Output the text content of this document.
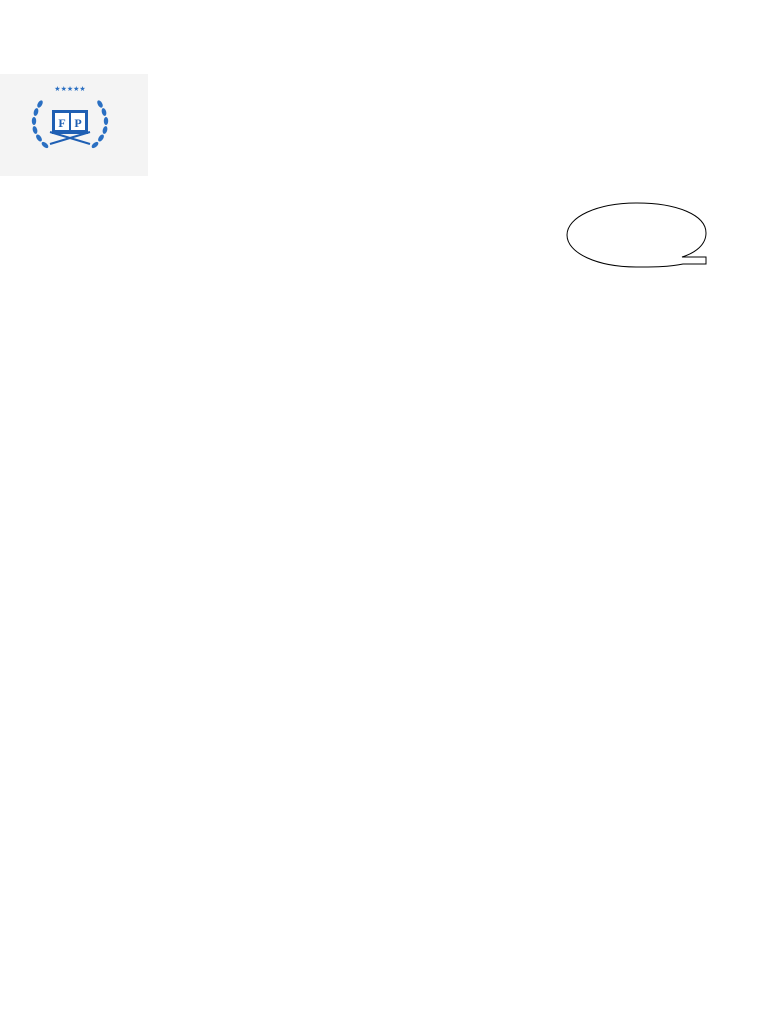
★★★★★
F P
